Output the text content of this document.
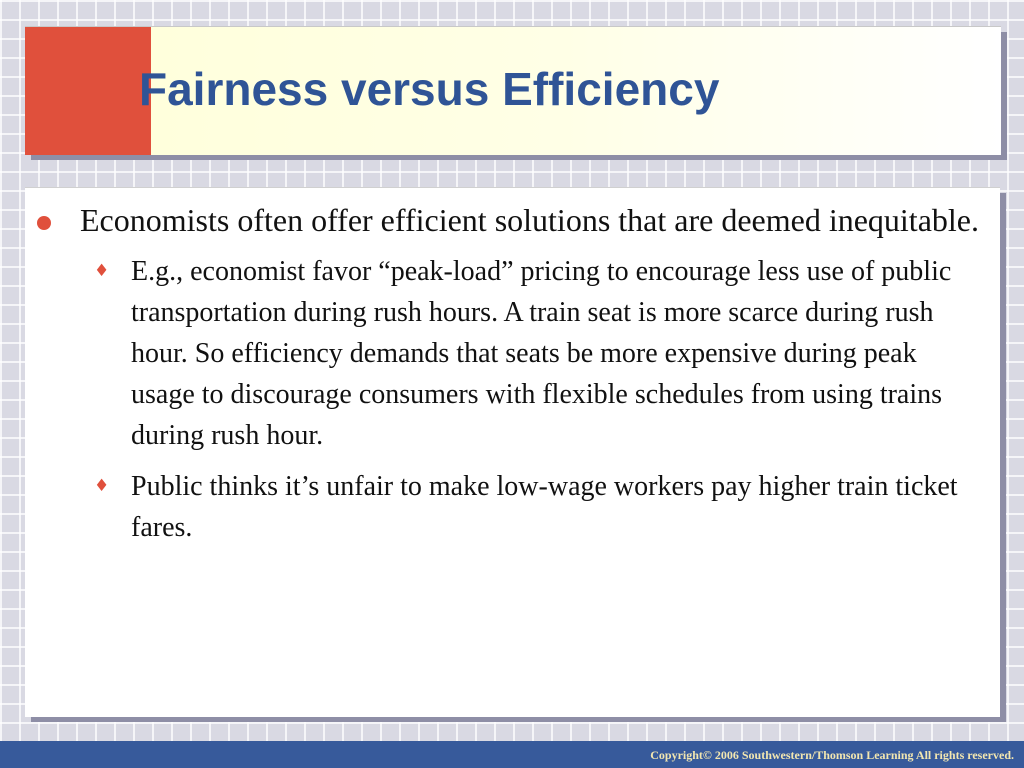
Fairness versus Efficiency
Economists often offer efficient solutions that are deemed inequitable.
♦ E.g., economist favor “peak-load” pricing to encourage less use of public transportation during rush hours. A train seat is more scarce during rush hour. So efficiency demands that seats be more expensive during peak usage to discourage consumers with flexible schedules from using trains during rush hour.
♦ Public thinks it’s unfair to make low-wage workers pay higher train ticket fares.
Copyright© 2006 Southwestern/Thomson Learning All rights reserved.
